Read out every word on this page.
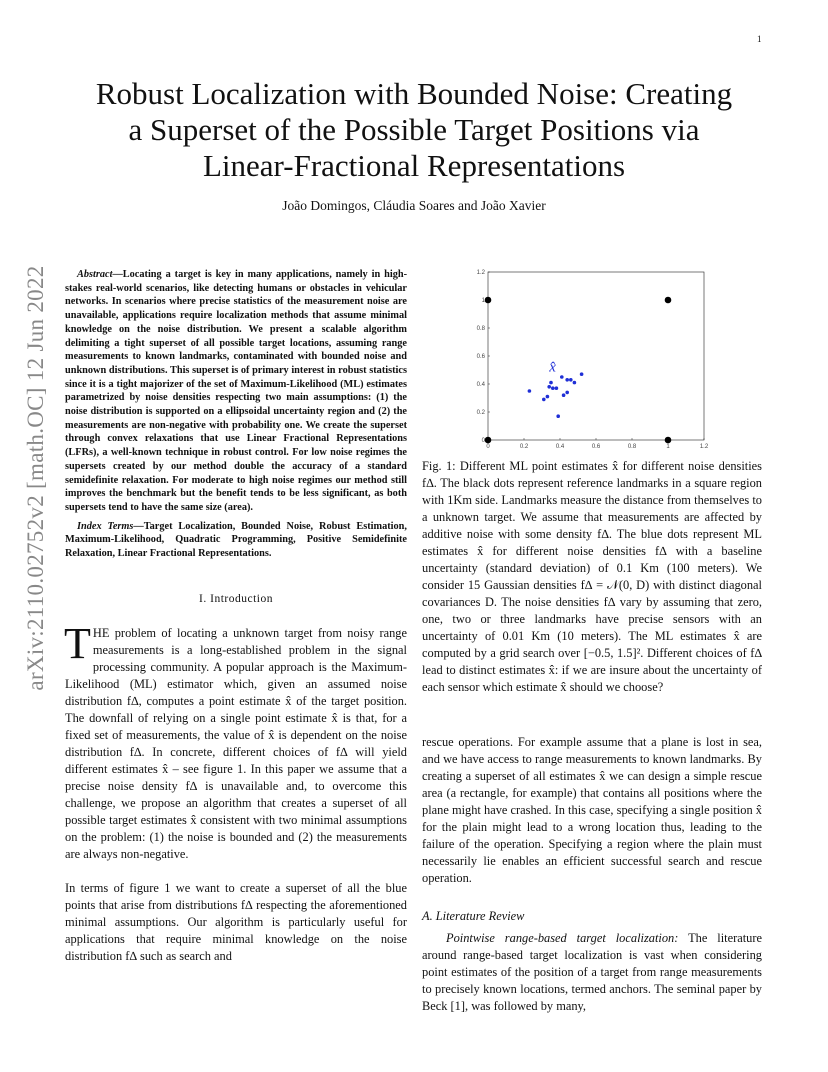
1
arXiv:2110.02752v2 [math.OC] 12 Jun 2022
Robust Localization with Bounded Noise: Creating
a Superset of the Possible Target Positions via
Linear-Fractional Representations
João Domingos, Cláudia Soares and João Xavier

Abstract—Locating a target is key in many applications, namely in high-stakes real-world scenarios, like detecting humans or obstacles in vehicular networks. In scenarios where precise statistics of the measurement noise are unavailable, applications require localization methods that assume minimal knowledge on the noise distribution. We present a scalable algorithm delimiting a tight superset of all possible target locations, assuming range measurements to known landmarks, contaminated with bounded noise and unknown distributions. This superset is of primary interest in robust statistics since it is a tight majorizer of the set of Maximum-Likelihood (ML) estimates parametrized by noise densities respecting two main assumptions: (1) the noise distribution is supported on a ellipsoidal uncertainty region and (2) the measurements are non-negative with probability one. We create the superset through convex relaxations that use Linear Fractional Representations (LFRs), a well-known technique in robust control. For low noise regimes the supersets created by our method double the accuracy of a standard semidefinite relaxation. For moderate to high noise regimes our method still improves the benchmark but the benefit tends to be less significant, as both supersets tend to have the same size (area).

Index Terms—Target Localization, Bounded Noise, Robust Estimation, Maximum-Likelihood, Quadratic Programming, Positive Semidefinite Relaxation, Linear Fractional Representations.

I. Introduction
T HE problem of locating a unknown target from noisy range measurements is a long-established problem in the signal processing community. A popular approach is the Maximum-Likelihood (ML) estimator which, given an assumed noise distribution f∆, computes a point estimate x̂ of the target position. The downfall of relying on a single point estimate x̂ is that, for a fixed set of measurements, the value of x̂ is dependent on the noise distribution f∆. In concrete, different choices of f∆ will yield different estimates x̂ – see figure 1. In this paper we assume that a precise noise density f∆ is unavailable and, to overcome this challenge, we propose an algorithm that creates a superset of all possible target estimates x̂ consistent with two minimal assumptions on the problem: (1) the noise is bounded and (2) the measurements are always non-negative.

In terms of figure 1 we want to create a superset of all the blue points that arise from distributions f∆ respecting the aforementioned minimal assumptions. Our algorithm is particularly useful for applications that require minimal knowledge on the noise distribution f∆ such as search and

0	0.2	0.4	0.6	0.8	1	1.2
0
0.2
0.4
0.6
0.8
1
1.2
x̂

Fig. 1: Different ML point estimates x̂ for different noise densities f∆. The black dots represent reference landmarks in a square region with 1Km side. Landmarks measure the distance from themselves to a unknown target. We assume that measurements are affected by additive noise with some density f∆. The blue dots represent ML estimates x̂ for different noise densities f∆ with a baseline uncertainty (standard deviation) of 0.1 Km (100 meters). We consider 15 Gaussian densities f∆ = 𝒩(0, D) with distinct diagonal covariances D. The noise densities f∆ vary by assuming that zero, one, two or three landmarks have precise sensors with an uncertainty of 0.01 Km (10 meters). The ML estimates x̂ are computed by a grid search over [−0.5, 1.5]². Different choices of f∆ lead to distinct estimates x̂: if we are insure about the uncertainty of each sensor which estimate x̂ should we choose?

rescue operations. For example assume that a plane is lost in sea, and we have access to range measurements to known landmarks. By creating a superset of all estimates x̂ we can design a simple rescue area (a rectangle, for example) that contains all positions where the plane might have crashed. In this case, specifying a single position x̂ for the plain might lead to a wrong location thus, leading to the failure of the operation. Specifying a region where the plain must necessarily lie enables an efficient successful search and rescue operation.

A. Literature Review

Pointwise range-based target localization: The literature around range-based target localization is vast when considering point estimates of the position of a target from range measurements to precisely known locations, termed anchors. The seminal paper by Beck [1], was followed by many,
